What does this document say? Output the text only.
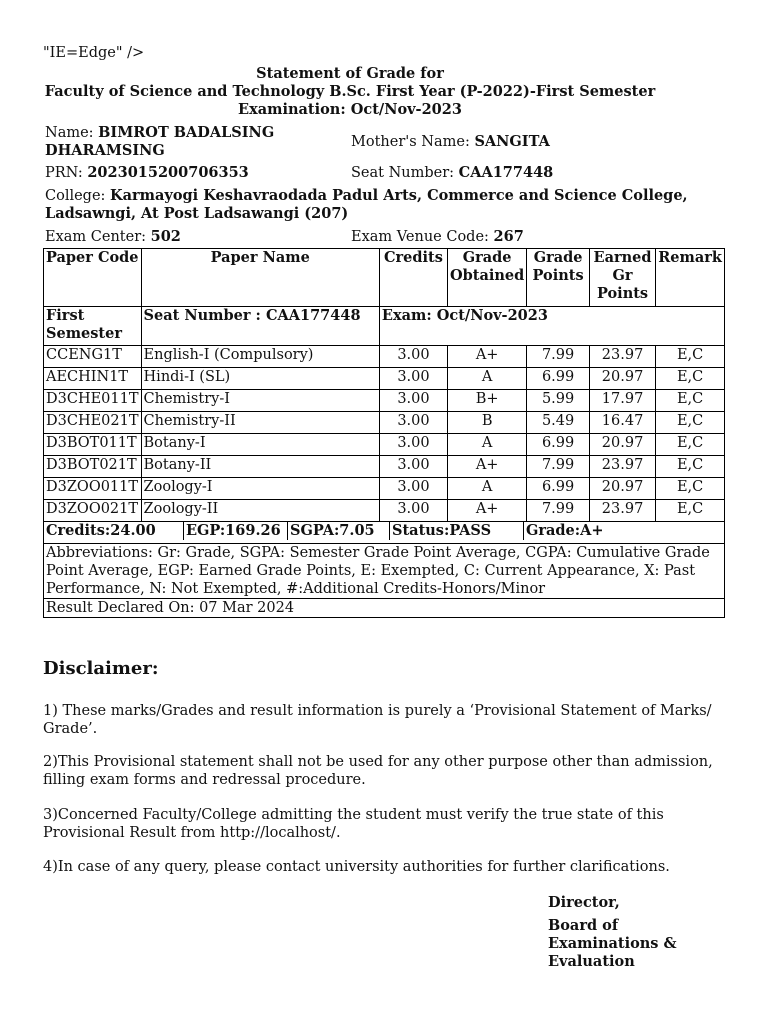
"IE=Edge" />
Statement of Grade for
Faculty of Science and Technology B.Sc. First Year (P-2022)-First Semester
Examination: Oct/Nov-2023
Name: BIMROT BADALSING
DHARAMSING	Mother's Name: SANGITA
PRN: 2023015200706353	Seat Number: CAA177448
College: Karmayogi Keshavraodada Padul Arts, Commerce and Science College,
Ladsawngi, At Post Ladsawangi (207)
Exam Center: 502	Exam Venue Code: 267
Paper Code	Paper Name	Credits	Grade Obtained	Grade Points	Earned Gr Points	Remark
First Semester	Seat Number : CAA177448	Exam: Oct/Nov-2023				
CCENG1T	English-I (Compulsory)	3.00	A+	7.99	23.97	E,C
AECHIN1T	Hindi-I (SL)	3.00	A	6.99	20.97	E,C
D3CHE011T	Chemistry-I	3.00	B+	5.99	17.97	E,C
D3CHE021T	Chemistry-II	3.00	B	5.49	16.47	E,C
D3BOT011T	Botany-I	3.00	A	6.99	20.97	E,C
D3BOT021T	Botany-II	3.00	A+	7.99	23.97	E,C
D3ZOO011T	Zoology-I	3.00	A	6.99	20.97	E,C
D3ZOO021T	Zoology-II	3.00	A+	7.99	23.97	E,C

Credits:24.00 EGP:169.26 SGPA:7.05 Status:PASS Grade:A+						

Abbreviations: Gr: Grade, SGPA: Semester Grade Point Average, CGPA: Cumulative Grade Point Average, EGP: Earned Grade Points, E: Exempted, C: Current Appearance, X: Past Performance, N: Not Exempted, #:Additional Credits-Honors/Minor						
Result Declared On: 07 Mar 2024						
Disclaimer:
1) These marks/Grades and result information is purely a ‘Provisional Statement of Marks/ Grade’.
2)This Provisional statement shall not be used for any other purpose other than admission, filling exam forms and redressal procedure.
3)Concerned Faculty/College admitting the student must verify the true state of this Provisional Result from http://localhost/.
4)In case of any query, please contact university authorities for further clarifications.
Director,
Board of
Examinations &
Evaluation
